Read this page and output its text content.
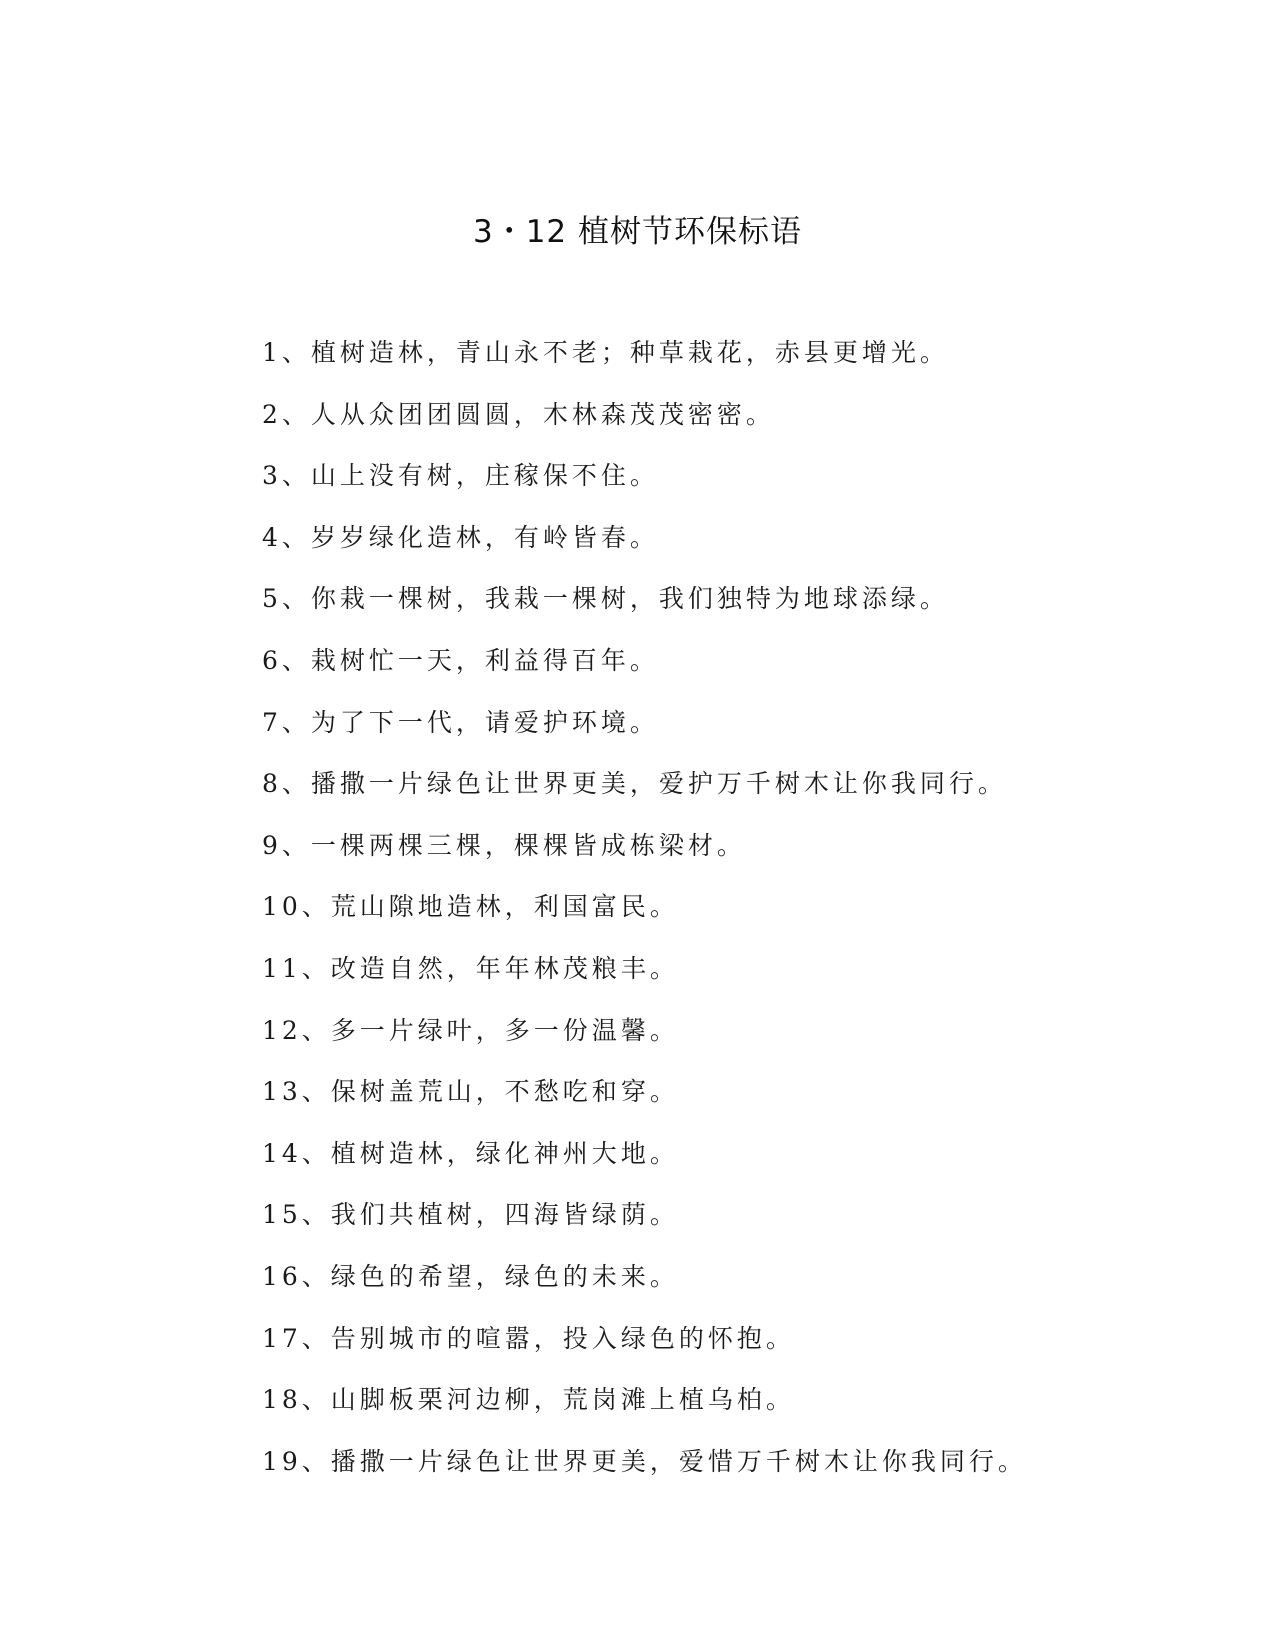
3・12 植树节环保标语
1、植树造林，青山永不老；种草栽花，赤县更增光。
2、人从众团团圆圆，木林森茂茂密密。
3、山上没有树，庄稼保不住。
4、岁岁绿化造林，有岭皆春。
5、你栽一棵树，我栽一棵树，我们独特为地球添绿。
6、栽树忙一天，利益得百年。
7、为了下一代，请爱护环境。
8、播撒一片绿色让世界更美，爱护万千树木让你我同行。
9、一棵两棵三棵，棵棵皆成栋梁材。
10、荒山隙地造林，利国富民。
11、改造自然，年年林茂粮丰。
12、多一片绿叶，多一份温馨。
13、保树盖荒山，不愁吃和穿。
14、植树造林，绿化神州大地。
15、我们共植树，四海皆绿荫。
16、绿色的希望，绿色的未来。
17、告别城市的喧嚣，投入绿色的怀抱。
18、山脚板栗河边柳，荒岗滩上植乌柏。
19、播撒一片绿色让世界更美，爱惜万千树木让你我同行。
